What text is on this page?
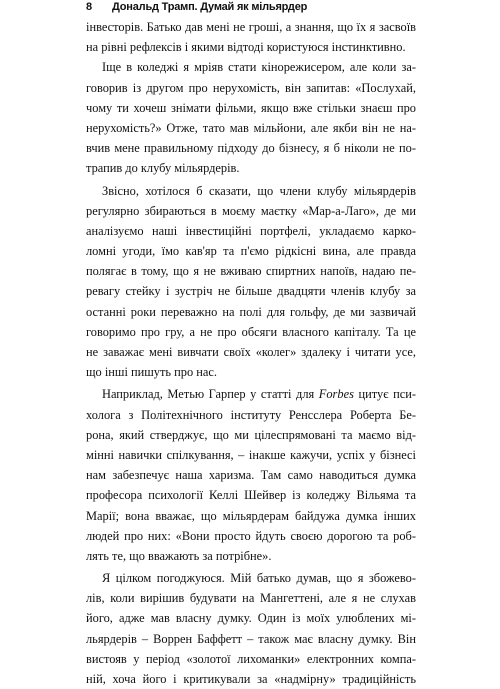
8 Дональд Трамп. Думай як мільярдер
інвесторів. Батько дав мені не гроші, а знання, що їх я засвоїв
на рівні рефлексів і якими відтоді користуюся інстинктивно.
Іще в коледжі я мріяв стати кінорежисером, але коли за-
говорив із другом про нерухомість, він запитав: «Послухай,
чому ти хочеш знімати фільми, якщо вже стільки знаєш про
нерухомість?» Отже, тато мав мільйони, але якби він не на-
вчив мене правильному підходу до бізнесу, я б ніколи не по-
трапив до клубу мільярдерів.
Звісно, хотілося б сказати, що члени клубу мільярдерів
регулярно збираються в моєму маєтку «Мар-а-Лаго», де ми
аналізуємо наші інвестиційні портфелі, укладаємо карко-
ломні угоди, їмо кав'яр та п'ємо рідкісні вина, але правда
полягає в тому, що я не вживаю спиртних напоїв, надаю пе-
ревагу стейку і зустріч не більше двадцяти членів клубу за
останні роки переважно на полі для гольфу, де ми зазвичай
говоримо про гру, а не про обсяги власного капіталу. Та це
не заважає мені вивчати своїх «колег» здалеку і читати усе,
що інші пишуть про нас.
Наприклад, Метью Гарпер у статті для Forbes цитує пси-
холога з Політехнічного інституту Ренсслера Роберта Бе-
рона, який стверджує, що ми цілеспрямовані та маємо від-
мінні навички спілкування, – інакше кажучи, успіх у бізнесі
нам забезпечує наша харизма. Там само наводиться думка
професора психології Келлі Шейвер із коледжу Вільяма та
Марії; вона вважає, що мільярдерам байдужа думка інших
людей про них: «Вони просто йдуть своєю дорогою та роб-
лять те, що вважають за потрібне».
Я цілком погоджуюся. Мій батько думав, що я збожево-
лів, коли вирішив будувати на Мангеттені, але я не слухав
його, адже мав власну думку. Один із моїх улюблених мі-
льярдерів – Воррен Баффетт – також має власну думку. Він
вистояв у період «золотої лихоманки» електронних компа-
ній, хоча його і критикували за «надмірну» традиційність
